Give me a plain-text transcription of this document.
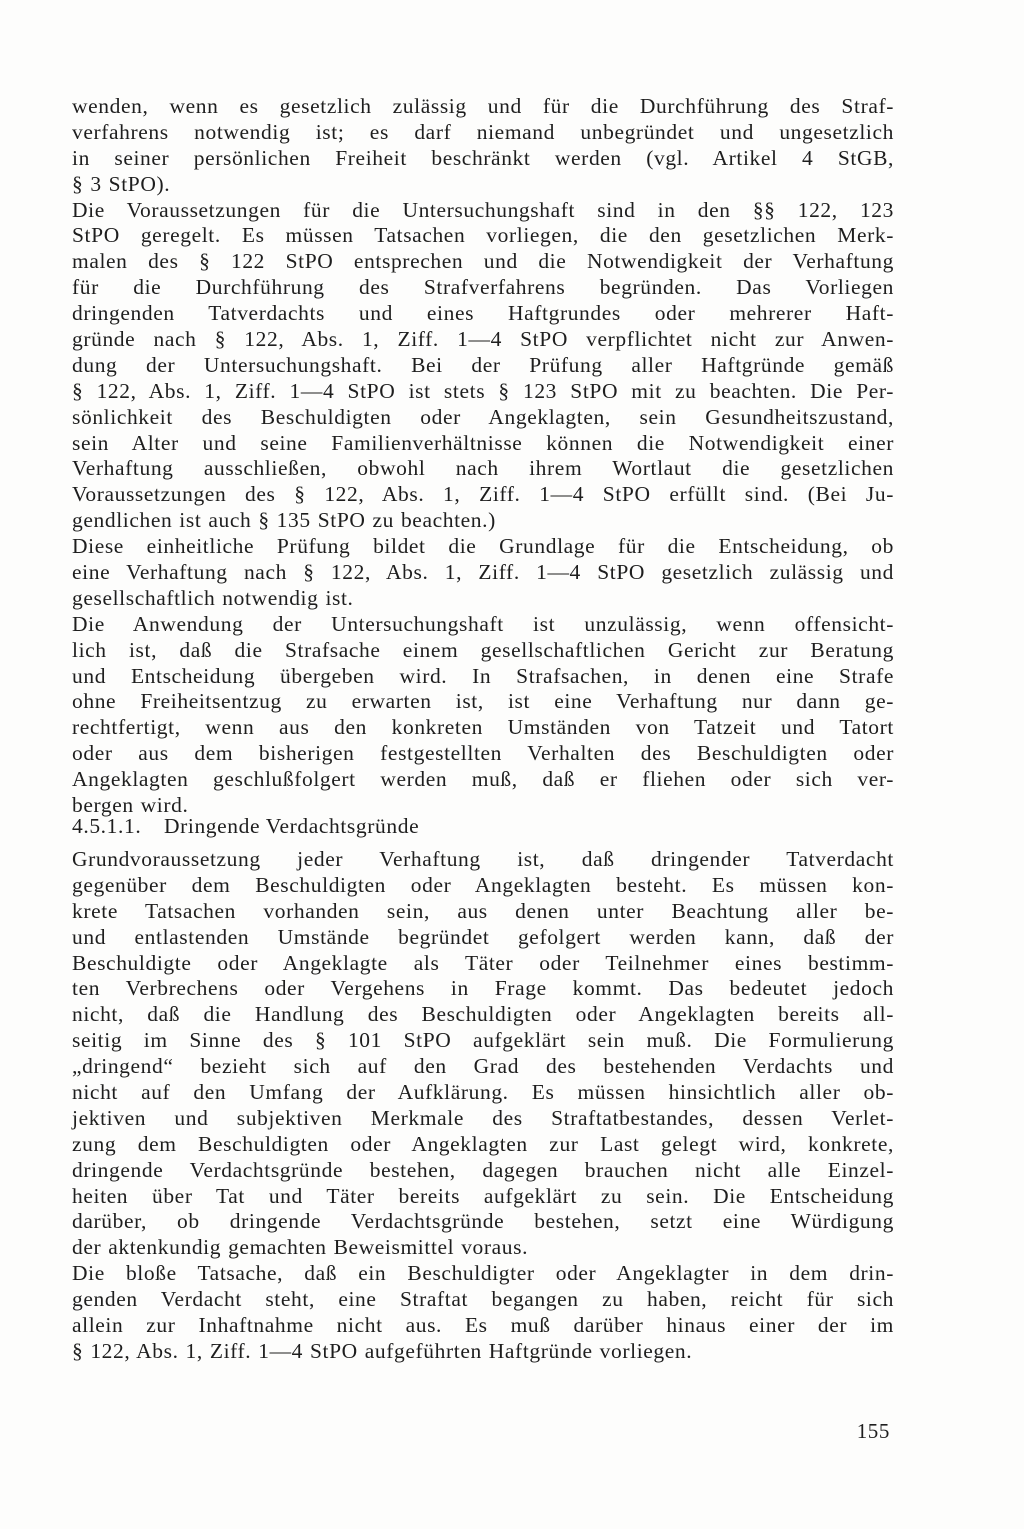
wenden, wenn es gesetzlich zulässig und für die Durchführung des Straf-
verfahrens notwendig ist; es darf niemand unbegründet und ungesetzlich
in seiner persönlichen Freiheit beschränkt werden (vgl. Artikel 4 StGB,
§ 3 StPO).
Die Voraussetzungen für die Untersuchungshaft sind in den §§ 122, 123
StPO geregelt. Es müssen Tatsachen vorliegen, die den gesetzlichen Merk-
malen des § 122 StPO entsprechen und die Notwendigkeit der Verhaftung
für die Durchführung des Strafverfahrens begründen. Das Vorliegen
dringenden Tatverdachts und eines Haftgrundes oder mehrerer Haft-
gründe nach § 122, Abs. 1, Ziff. 1—4 StPO verpflichtet nicht zur Anwen-
dung der Untersuchungshaft. Bei der Prüfung aller Haftgründe gemäß
§ 122, Abs. 1, Ziff. 1—4 StPO ist stets § 123 StPO mit zu beachten. Die Per-
sönlichkeit des Beschuldigten oder Angeklagten, sein Gesundheitszustand,
sein Alter und seine Familienverhältnisse können die Notwendigkeit einer
Verhaftung ausschließen, obwohl nach ihrem Wortlaut die gesetzlichen
Voraussetzungen des § 122, Abs. 1, Ziff. 1—4 StPO erfüllt sind. (Bei Ju-
gendlichen ist auch § 135 StPO zu beachten.)
Diese einheitliche Prüfung bildet die Grundlage für die Entscheidung, ob
eine Verhaftung nach § 122, Abs. 1, Ziff. 1—4 StPO gesetzlich zulässig und
gesellschaftlich notwendig ist.
Die Anwendung der Untersuchungshaft ist unzulässig, wenn offensicht-
lich ist, daß die Strafsache einem gesellschaftlichen Gericht zur Beratung
und Entscheidung übergeben wird. In Strafsachen, in denen eine Strafe
ohne Freiheitsentzug zu erwarten ist, ist eine Verhaftung nur dann ge-
rechtfertigt, wenn aus den konkreten Umständen von Tatzeit und Tatort
oder aus dem bisherigen festgestellten Verhalten des Beschuldigten oder
Angeklagten geschlußfolgert werden muß, daß er fliehen oder sich ver-
bergen wird.
4.5.1.1. Dringende Verdachtsgründe
Grundvoraussetzung jeder Verhaftung ist, daß dringender Tatverdacht
gegenüber dem Beschuldigten oder Angeklagten besteht. Es müssen kon-
krete Tatsachen vorhanden sein, aus denen unter Beachtung aller be-
und entlastenden Umstände begründet gefolgert werden kann, daß der
Beschuldigte oder Angeklagte als Täter oder Teilnehmer eines bestimm-
ten Verbrechens oder Vergehens in Frage kommt. Das bedeutet jedoch
nicht, daß die Handlung des Beschuldigten oder Angeklagten bereits all-
seitig im Sinne des § 101 StPO aufgeklärt sein muß. Die Formulierung
„dringend“ bezieht sich auf den Grad des bestehenden Verdachts und
nicht auf den Umfang der Aufklärung. Es müssen hinsichtlich aller ob-
jektiven und subjektiven Merkmale des Straftatbestandes, dessen Verlet-
zung dem Beschuldigten oder Angeklagten zur Last gelegt wird, konkrete,
dringende Verdachtsgründe bestehen, dagegen brauchen nicht alle Einzel-
heiten über Tat und Täter bereits aufgeklärt zu sein. Die Entscheidung
darüber, ob dringende Verdachtsgründe bestehen, setzt eine Würdigung
der aktenkundig gemachten Beweismittel voraus.
Die bloße Tatsache, daß ein Beschuldigter oder Angeklagter in dem drin-
genden Verdacht steht, eine Straftat begangen zu haben, reicht für sich
allein zur Inhaftnahme nicht aus. Es muß darüber hinaus einer der im
§ 122, Abs. 1, Ziff. 1—4 StPO aufgeführten Haftgründe vorliegen.
155
